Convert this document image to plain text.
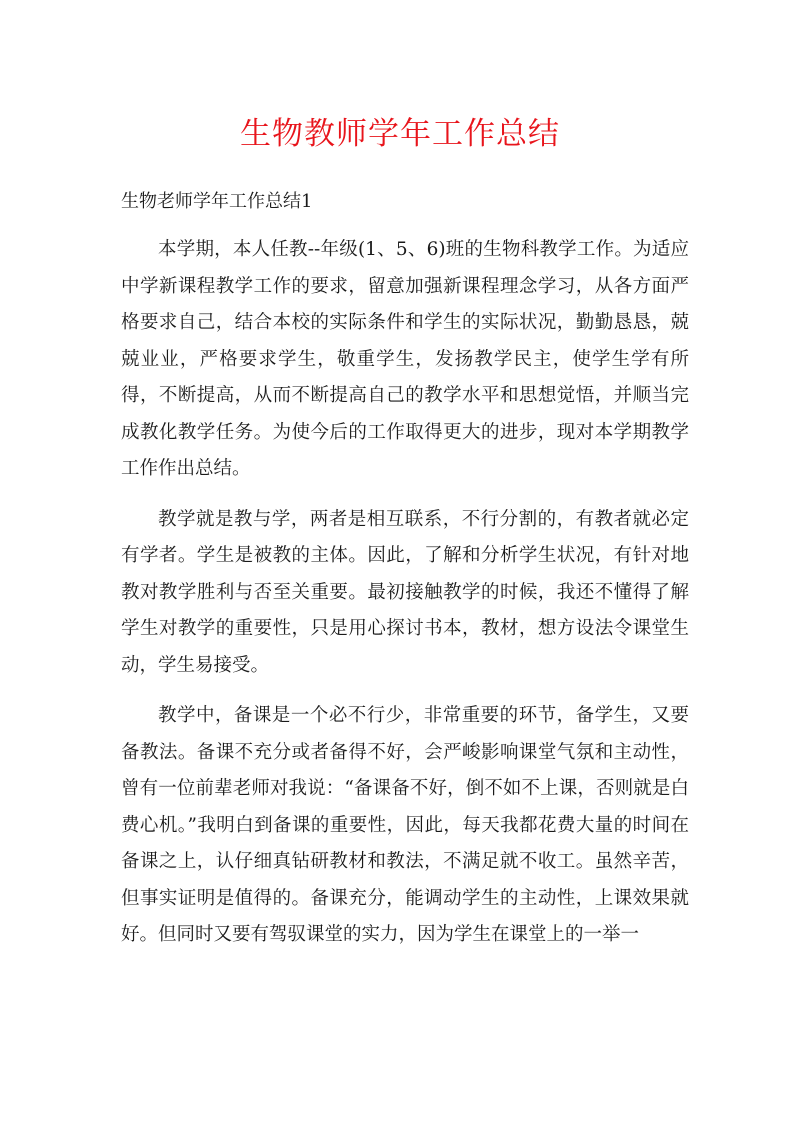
生物教师学年工作总结
生物老师学年工作总结1

本学期，本人任教--年级(1、5、6)班的生物科教学工作。为适应中学新课程教学工作的要求，留意加强新课程理念学习，从各方面严格要求自己，结合本校的实际条件和学生的实际状况，勤勤恳恳，兢兢业业，严格要求学生，敬重学生，发扬教学民主，使学生学有所得，不断提高，从而不断提高自己的教学水平和思想觉悟，并顺当完成教化教学任务。为使今后的工作取得更大的进步，现对本学期教学工作作出总结。

教学就是教与学，两者是相互联系，不行分割的，有教者就必定有学者。学生是被教的主体。因此，了解和分析学生状况，有针对地教对教学胜利与否至关重要。最初接触教学的时候，我还不懂得了解学生对教学的重要性，只是用心探讨书本，教材，想方设法令课堂生动，学生易接受。

教学中，备课是一个必不行少，非常重要的环节，备学生，又要备教法。备课不充分或者备得不好，会严峻影响课堂气氛和主动性，曾有一位前辈老师对我说：“备课备不好，倒不如不上课，否则就是白费心机。”我明白到备课的重要性，因此，每天我都花费大量的时间在备课之上，认仔细真钻研教材和教法，不满足就不收工。虽然辛苦，但事实证明是值得的。备课充分，能调动学生的主动性，上课效果就好。但同时又要有驾驭课堂的实力，因为学生在课堂上的一举一
